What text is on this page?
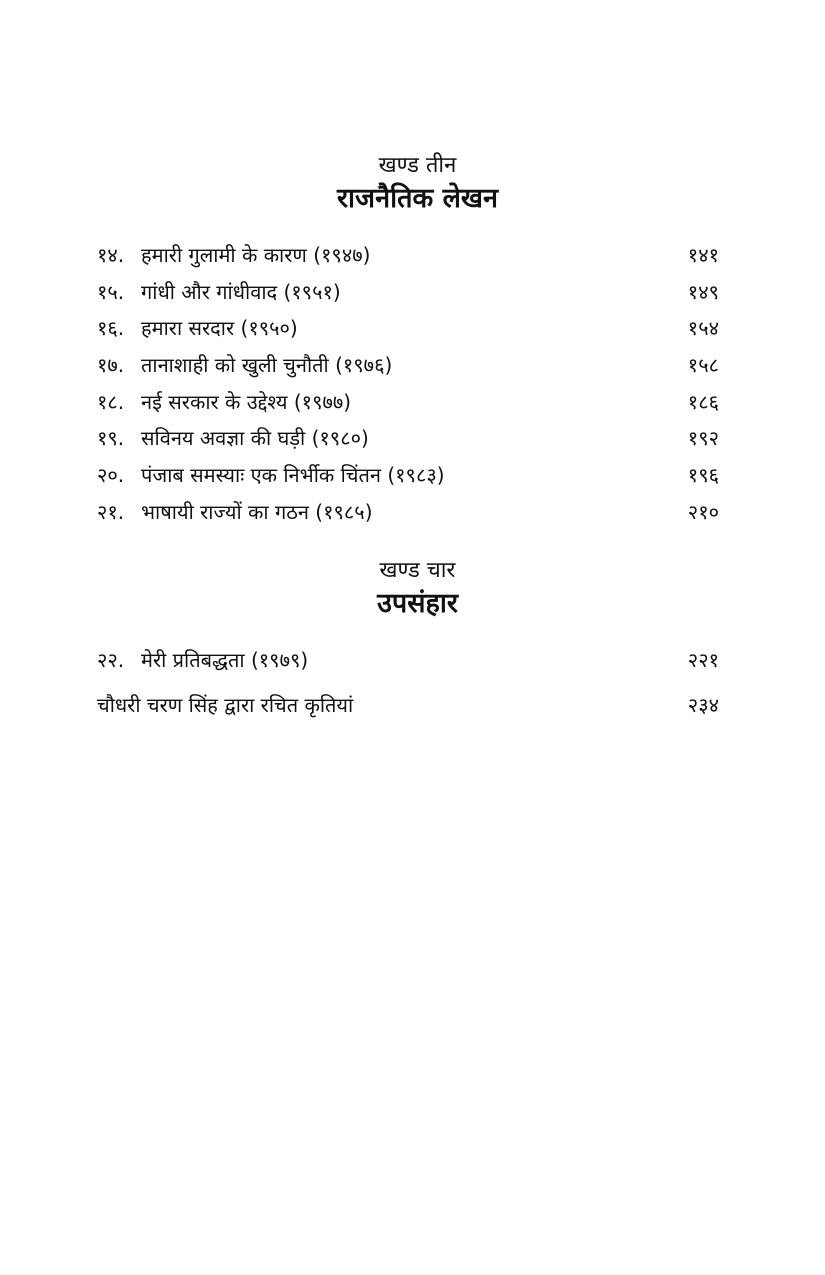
खण्ड तीन
राजनैतिक लेखन
१४. हमारी गुलामी के कारण (१९४७)	१४१
१५. गांधी और गांधीवाद (१९५१)	१४९
१६. हमारा सरदार (१९५०)	१५४
१७. तानाशाही को खुली चुनौती (१९७६)	१५८
१८. नई सरकार के उद्देश्य (१९७७)	१८६
१९. सविनय अवज्ञा की घड़ी (१९८०)	१९२
२०. पंजाब समस्याः एक निर्भीक चिंतन (१९८३)	१९६
२१. भाषायी राज्यों का गठन (१९८५)	२१०
खण्ड चार
उपसंहार
२२. मेरी प्रतिबद्धता (१९७९)	२२१
चौधरी चरण सिंह द्वारा रचित कृतियां	२३४
